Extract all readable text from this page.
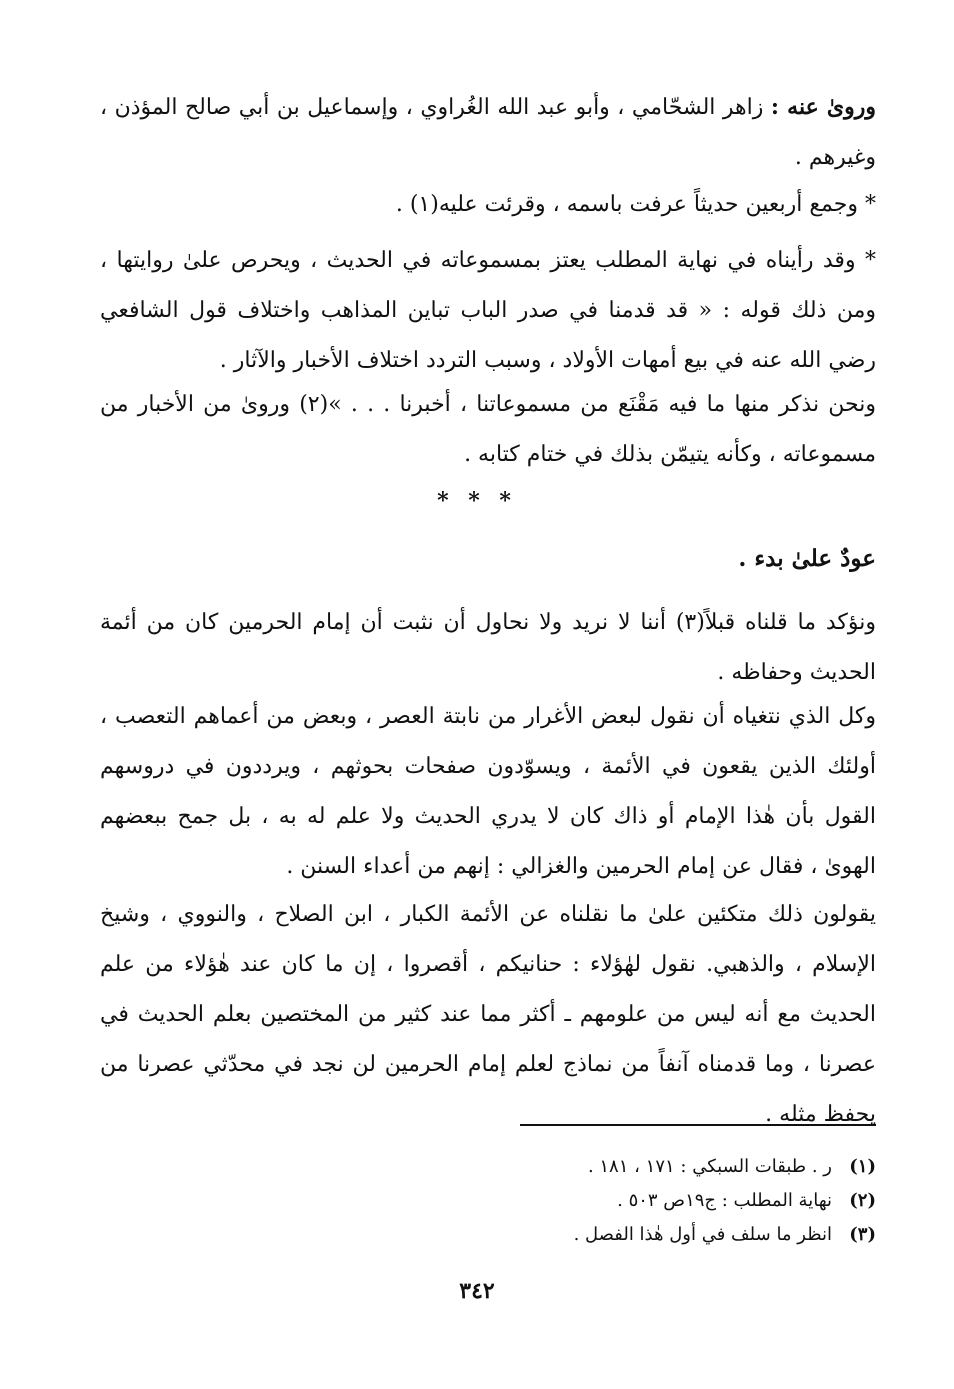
ورویٰ عنه : زاهر الشحّامي ، وأبو عبد الله الغُراوي ، وإسماعيل بن أبي صالح المؤذن ، وغيرهم .

* وجمع أربعين حديثاً عرفت باسمه ، وقرئت عليه(١) .

* وقد رأيناه في نهاية المطلب يعتز بمسموعاته في الحديث ، ويحرص علىٰ روايتها ، ومن ذلك قوله : « قد قدمنا في صدر الباب تباين المذاهب واختلاف قول الشافعي رضي الله عنه في بيع أمهات الأولاد ، وسبب التردد اختلاف الأخبار والآثار .

ونحن نذكر منها ما فيه مَقْنَع من مسموعاتنا ، أخبرنا . . . »(٢) وروىٰ من الأخبار من مسموعاته ، وكأنه يتيمّن بذلك في ختام كتابه .

* * *
عودٌ علىٰ بدء .

ونؤكد ما قلناه قبلاً(٣) أننا لا نريد ولا نحاول أن نثبت أن إمام الحرمين كان من أئمة الحديث وحفاظه .

وكل الذي نتغياه أن نقول لبعض الأغرار من نابتة العصر ، وبعض من أعماهم التعصب ، أولئك الذين يقعون في الأئمة ، ويسوّدون صفحات بحوثهم ، ويرددون في دروسهم القول بأن هٰذا الإمام أو ذاك كان لا يدري الحديث ولا علم له به ، بل جمح ببعضهم الهوىٰ ، فقال عن إمام الحرمين والغزالي : إنهم من أعداء السنن .

يقولون ذلك متكئين علىٰ ما نقلناه عن الأئمة الكبار ، ابن الصلاح ، والنووي ، وشيخ الإسلام ، والذهبي. نقول لهٰؤلاء : حنانيكم ، أقصروا ، إن ما كان عند هٰؤلاء من علم الحديث مع أنه ليس من علومهم ـ أكثر مما عند كثير من المختصين بعلم الحديث في عصرنا ، وما قدمناه آنفاً من نماذج لعلم إمام الحرمين لن نجد في محدّثي عصرنا من يحفظ مثله .

(١)ر . طبقات السبكي : ١٧١ ، ١٨١ .
(٢)نهاية المطلب : ج١٩ص ٥٠٣ .
(٣)انظر ما سلف في أول هٰذا الفصل .
٣٤٢
